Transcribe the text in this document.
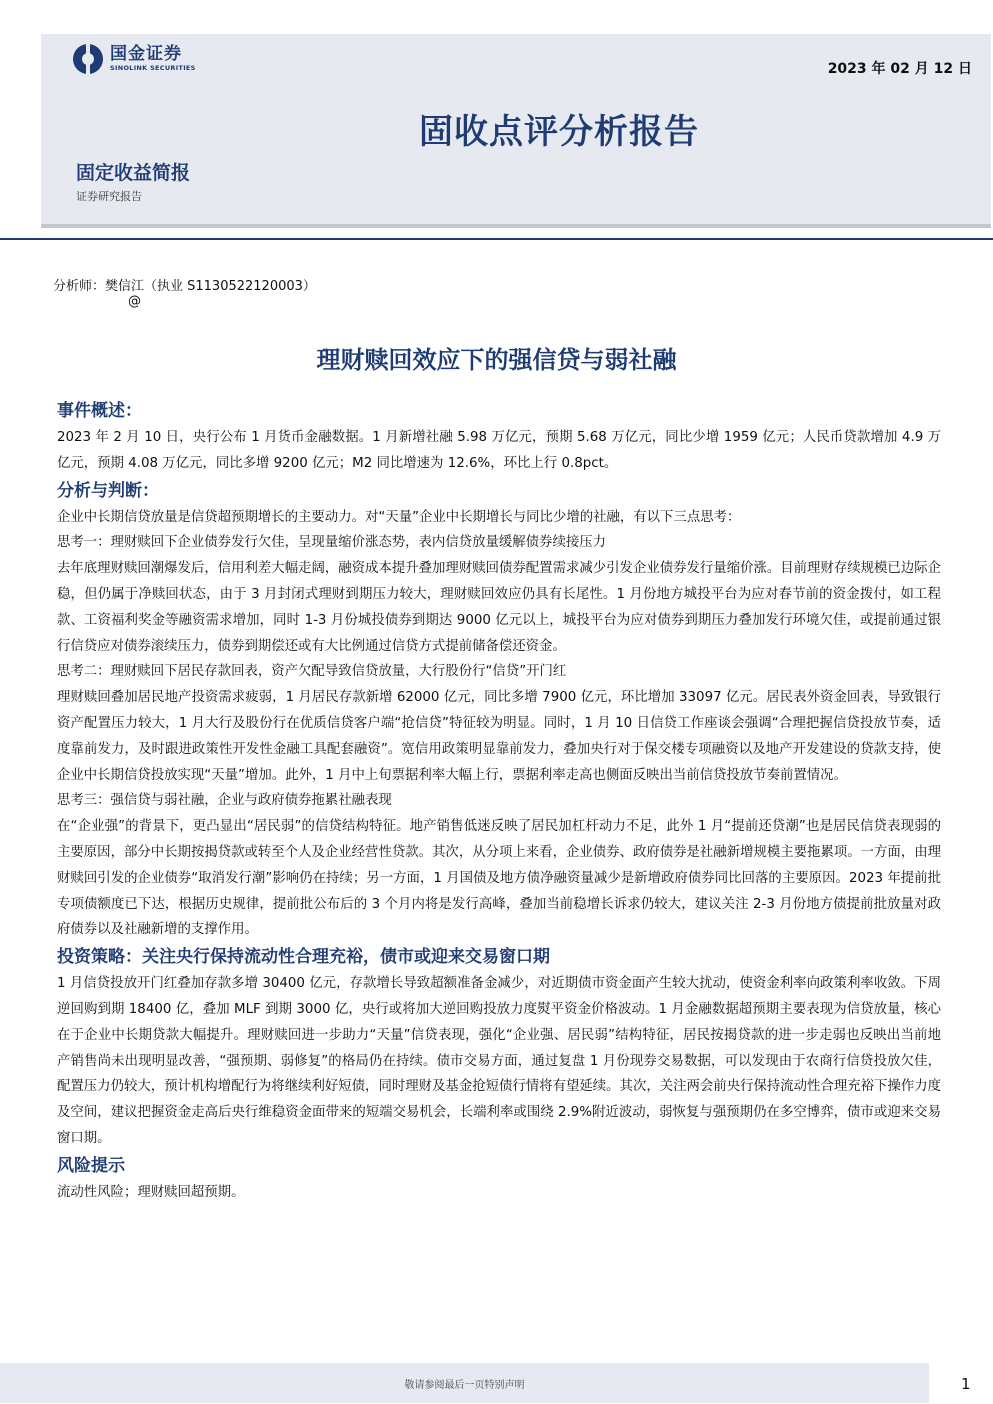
国金证券
SINOLINK SECURITIES	2023 年 02 月 12 日
固收点评分析报告
固定收益简报
证券研究报告
分析师：樊信江（执业 S1130522120003）
@
理财赎回效应下的强信贷与弱社融
事件概述：

2023 年 2 月 10 日，央行公布 1 月货币金融数据。1 月新增社融 5.98 万亿元，预期 5.68 万亿元，同比少增 1959 亿元；人民币贷款增加 4.9 万亿元，预期 4.08 万亿元，同比多增 9200 亿元；M2 同比增速为 12.6%，环比上行 0.8pct。

分析与判断：

企业中长期信贷放量是信贷超预期增长的主要动力。对“天量”企业中长期增长与同比少增的社融，有以下三点思考：

思考一：理财赎回下企业债券发行欠佳，呈现量缩价涨态势，表内信贷放量缓解债券续接压力

去年底理财赎回潮爆发后，信用利差大幅走阔，融资成本提升叠加理财赎回债券配置需求减少引发企业债券发行量缩价涨。目前理财存续规模已边际企稳，但仍属于净赎回状态，由于 3 月封闭式理财到期压力较大，理财赎回效应仍具有长尾性。1 月份地方城投平台为应对春节前的资金拨付，如工程款、工资福利奖金等融资需求增加，同时 1-3 月份城投债券到期达 9000 亿元以上，城投平台为应对债券到期压力叠加发行环境欠佳，或提前通过银行信贷应对债券滚续压力，债券到期偿还或有大比例通过信贷方式提前储备偿还资金。

思考二：理财赎回下居民存款回表，资产欠配导致信贷放量，大行股份行“信贷”开门红

理财赎回叠加居民地产投资需求疲弱，1 月居民存款新增 62000 亿元，同比多增 7900 亿元，环比增加 33097 亿元。居民表外资金回表，导致银行资产配置压力较大，1 月大行及股份行在优质信贷客户端“抢信贷”特征较为明显。同时，1 月 10 日信贷工作座谈会强调“合理把握信贷投放节奏，适度靠前发力，及时跟进政策性开发性金融工具配套融资”。宽信用政策明显靠前发力，叠加央行对于保交楼专项融资以及地产开发建设的贷款支持，使企业中长期信贷投放实现“天量”增加。此外，1 月中上旬票据利率大幅上行，票据利率走高也侧面反映出当前信贷投放节奏前置情况。

思考三：强信贷与弱社融，企业与政府债券拖累社融表现

在“企业强”的背景下，更凸显出“居民弱”的信贷结构特征。地产销售低迷反映了居民加杠杆动力不足，此外 1 月“提前还贷潮”也是居民信贷表现弱的主要原因，部分中长期按揭贷款或转至个人及企业经营性贷款。其次，从分项上来看，企业债券、政府债券是社融新增规模主要拖累项。一方面，由理财赎回引发的企业债券“取消发行潮”影响仍在持续；另一方面，1 月国债及地方债净融资量减少是新增政府债券同比回落的主要原因。2023 年提前批专项债额度已下达，根据历史规律，提前批公布后的 3 个月内将是发行高峰，叠加当前稳增长诉求仍较大，建议关注 2-3 月份地方债提前批放量对政府债券以及社融新增的支撑作用。

投资策略：关注央行保持流动性合理充裕，债市或迎来交易窗口期

1 月信贷投放开门红叠加存款多增 30400 亿元，存款增长导致超额准备金减少，对近期债市资金面产生较大扰动，使资金利率向政策利率收敛。下周逆回购到期 18400 亿，叠加 MLF 到期 3000 亿，央行或将加大逆回购投放力度熨平资金价格波动。1 月金融数据超预期主要表现为信贷放量，核心在于企业中长期贷款大幅提升。理财赎回进一步助力“天量”信贷表现，强化“企业强、居民弱”结构特征，居民按揭贷款的进一步走弱也反映出当前地产销售尚未出现明显改善，“强预期、弱修复”的格局仍在持续。债市交易方面，通过复盘 1 月份现券交易数据，可以发现由于农商行信贷投放欠佳，配置压力仍较大，预计机构增配行为将继续利好短债，同时理财及基金抢短债行情将有望延续。其次，关注两会前央行保持流动性合理充裕下操作力度及空间，建议把握资金走高后央行维稳资金面带来的短端交易机会，长端利率或围绕 2.9%附近波动，弱恢复与强预期仍在多空博弈，债市或迎来交易窗口期。

风险提示

流动性风险；理财赎回超预期。

敬请参阅最后一页特别声明	1
